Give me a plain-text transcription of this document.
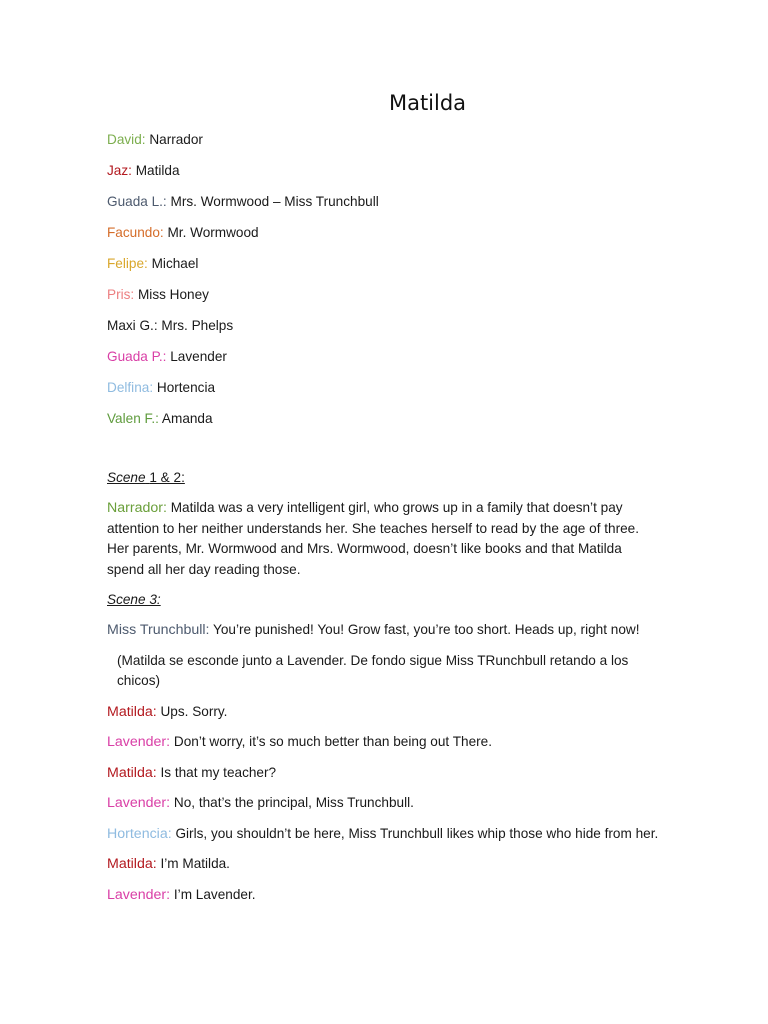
Matilda
David: Narrador
Jaz: Matilda
Guada L.: Mrs. Wormwood – Miss Trunchbull
Facundo: Mr. Wormwood
Felipe: Michael
Pris: Miss Honey
Maxi G.: Mrs. Phelps
Guada P.: Lavender
Delfina: Hortencia
Valen F.: Amanda
Scene 1 & 2:

Narrador: Matilda was a very intelligent girl, who grows up in a family that doesn’t pay attention to her neither understands her. She teaches herself to read by the age of three. Her parents, Mr. Wormwood and Mrs. Wormwood, doesn’t like books and that Matilda spend all her day reading those.

Scene 3:

Miss Trunchbull: You’re punished! You! Grow fast, you’re too short. Heads up, right now!

(Matilda se esconde junto a Lavender. De fondo sigue Miss TRunchbull retando a los chicos)

Matilda: Ups. Sorry.

Lavender: Don’t worry, it’s so much better than being out There.

Matilda: Is that my teacher?

Lavender: No, that’s the principal, Miss Trunchbull.

Hortencia: Girls, you shouldn’t be here, Miss Trunchbull likes whip those who hide from her.

Matilda: I’m Matilda.

Lavender: I’m Lavender.
